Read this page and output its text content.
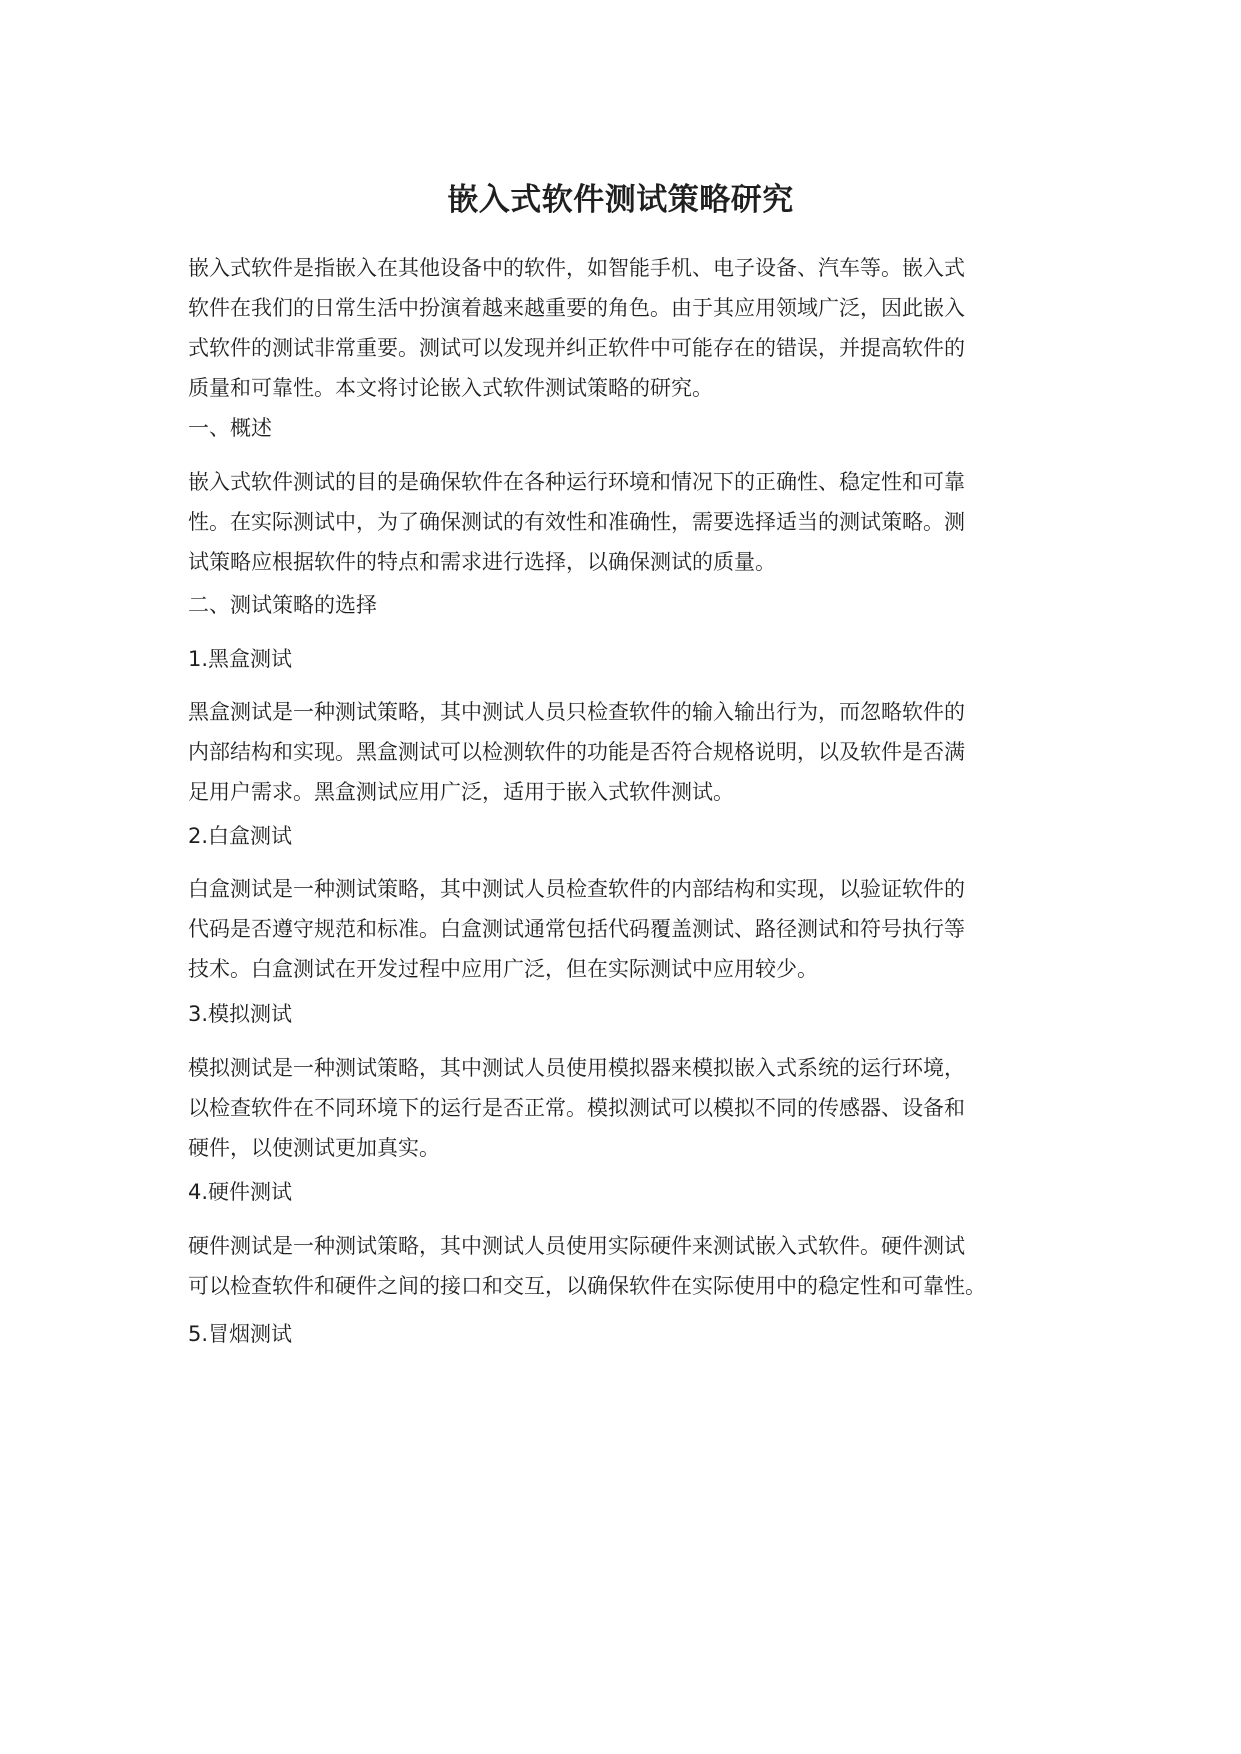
嵌入式软件测试策略研究
嵌入式软件是指嵌入在其他设备中的软件，如智能手机、电子设备、汽车等。嵌入式
软件在我们的日常生活中扮演着越来越重要的角色。由于其应用领域广泛，因此嵌入
式软件的测试非常重要。测试可以发现并纠正软件中可能存在的错误，并提高软件的
质量和可靠性。本文将讨论嵌入式软件测试策略的研究。
一、概述
嵌入式软件测试的目的是确保软件在各种运行环境和情况下的正确性、稳定性和可靠
性。在实际测试中，为了确保测试的有效性和准确性，需要选择适当的测试策略。测
试策略应根据软件的特点和需求进行选择，以确保测试的质量。
二、测试策略的选择
1.黑盒测试
黑盒测试是一种测试策略，其中测试人员只检查软件的输入输出行为，而忽略软件的
内部结构和实现。黑盒测试可以检测软件的功能是否符合规格说明，以及软件是否满
足用户需求。黑盒测试应用广泛，适用于嵌入式软件测试。
2.白盒测试
白盒测试是一种测试策略，其中测试人员检查软件的内部结构和实现，以验证软件的
代码是否遵守规范和标准。白盒测试通常包括代码覆盖测试、路径测试和符号执行等
技术。白盒测试在开发过程中应用广泛，但在实际测试中应用较少。
3.模拟测试
模拟测试是一种测试策略，其中测试人员使用模拟器来模拟嵌入式系统的运行环境，
以检查软件在不同环境下的运行是否正常。模拟测试可以模拟不同的传感器、设备和
硬件，以使测试更加真实。
4.硬件测试
硬件测试是一种测试策略，其中测试人员使用实际硬件来测试嵌入式软件。硬件测试
可以检查软件和硬件之间的接口和交互，以确保软件在实际使用中的稳定性和可靠性。
5.冒烟测试
